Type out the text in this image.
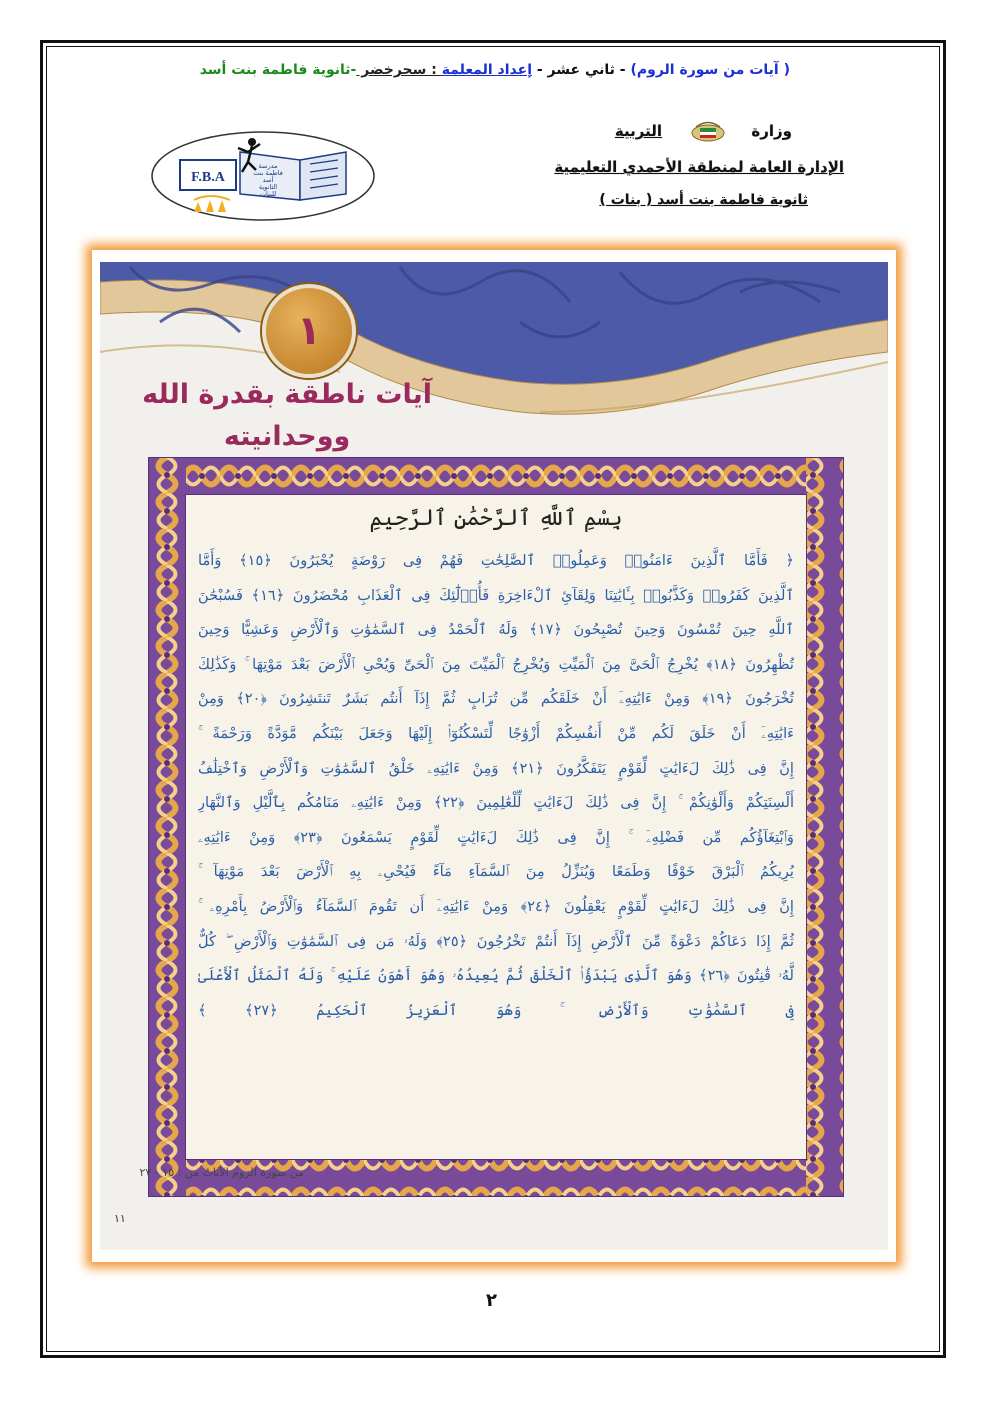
( آيات من سورة الروم) - ثاني عشر - إعداد المعلمة : سحرخضر -ثانوية فاطمة بنت أسد
وزارة
التربية
الإدارة العامة لمنطقة الأحمدي التعليمية
ثانوية فاطمة بنت أسد ( بنات )
F.B.A
مدرسة
فاطمة بنت
أسد
الثانوية
للبنات
١
آيات ناطقة بقدرة الله
ووحدانيته
بِسْمِ ٱللَّهِ ٱلرَّحْمَٰنِ ٱلرَّحِيمِ
﴿ فَأَمَّا ٱلَّذِينَ ءَامَنُوا۟ وَعَمِلُوا۟ ٱلصَّٰلِحَٰتِ فَهُمْ فِى رَوْضَةٍ يُحْبَرُونَ ﴿١٥﴾ وَأَمَّا
ٱلَّذِينَ كَفَرُوا۟ وَكَذَّبُوا۟ بِـَٔايَٰتِنَا وَلِقَآئِ ٱلْءَاخِرَةِ فَأُو۟لَٰٓئِكَ فِى ٱلْعَذَابِ مُحْضَرُونَ ﴿١٦﴾ فَسُبْحَٰنَ
ٱللَّهِ حِينَ تُمْسُونَ وَحِينَ تُصْبِحُونَ ﴿١٧﴾ وَلَهُ ٱلْحَمْدُ فِى ٱلسَّمَٰوَٰتِ وَٱلْأَرْضِ وَعَشِيًّا وَحِينَ
تُظْهِرُونَ ﴿١٨﴾ يُخْرِجُ ٱلْحَىَّ مِنَ ٱلْمَيِّتِ وَيُخْرِجُ ٱلْمَيِّتَ مِنَ ٱلْحَىِّ وَيُحْىِ ٱلْأَرْضَ بَعْدَ مَوْتِهَا ۚ وَكَذَٰلِكَ
تُخْرَجُونَ ﴿١٩﴾ وَمِنْ ءَايَٰتِهِۦٓ أَنْ خَلَقَكُم مِّن تُرَابٍ ثُمَّ إِذَآ أَنتُم بَشَرٌ تَنتَشِرُونَ ﴿٢٠﴾ وَمِنْ
ءَايَٰتِهِۦٓ أَنْ خَلَقَ لَكُم مِّنْ أَنفُسِكُمْ أَزْوَٰجًا لِّتَسْكُنُوٓا۟ إِلَيْهَا وَجَعَلَ بَيْنَكُم مَّوَدَّةً وَرَحْمَةً ۚ
إِنَّ فِى ذَٰلِكَ لَءَايَٰتٍ لِّقَوْمٍ يَتَفَكَّرُونَ ﴿٢١﴾ وَمِنْ ءَايَٰتِهِۦ خَلْقُ ٱلسَّمَٰوَٰتِ وَٱلْأَرْضِ وَٱخْتِلَٰفُ
أَلْسِنَتِكُمْ وَأَلْوَٰنِكُمْ ۚ إِنَّ فِى ذَٰلِكَ لَءَايَٰتٍ لِّلْعَٰلِمِينَ ﴿٢٢﴾ وَمِنْ ءَايَٰتِهِۦ مَنَامُكُم بِٱلَّيْلِ وَٱلنَّهَارِ
وَٱبْتِغَآؤُكُم مِّن فَضْلِهِۦٓ ۚ إِنَّ فِى ذَٰلِكَ لَءَايَٰتٍ لِّقَوْمٍ يَسْمَعُونَ ﴿٢٣﴾ وَمِنْ ءَايَٰتِهِۦ
يُرِيكُمُ ٱلْبَرْقَ خَوْفًا وَطَمَعًا وَيُنَزِّلُ مِنَ ٱلسَّمَآءِ مَآءً فَيُحْىِۦ بِهِ ٱلْأَرْضَ بَعْدَ مَوْتِهَآ ۚ
إِنَّ فِى ذَٰلِكَ لَءَايَٰتٍ لِّقَوْمٍ يَعْقِلُونَ ﴿٢٤﴾ وَمِنْ ءَايَٰتِهِۦٓ أَن تَقُومَ ٱلسَّمَآءُ وَٱلْأَرْضُ بِأَمْرِهِۦ ۚ
ثُمَّ إِذَا دَعَاكُمْ دَعْوَةً مِّنَ ٱلْأَرْضِ إِذَآ أَنتُمْ تَخْرُجُونَ ﴿٢٥﴾ وَلَهُۥ مَن فِى ٱلسَّمَٰوَٰتِ وَٱلْأَرْضِ ۖ كُلٌّ
لَّهُۥ قَٰنِتُونَ ﴿٢٦﴾ وَهُوَ ٱلَّذِى يَبْدَؤُا۟ ٱلْخَلْقَ ثُمَّ يُعِيدُهُۥ وَهُوَ أَهْوَنُ عَلَيْهِ ۚ وَلَهُ ٱلْمَثَلُ ٱلْأَعْلَىٰ
فِى ٱلسَّمَٰوَٰتِ وَٱلْأَرْضِ ۚ وَهُوَ ٱلْعَزِيزُ ٱلْحَكِيمُ ﴿٢٧﴾ ﴾
من سورة الروم الآياتُ من : ١٥ - ٢٧
١١
٢
